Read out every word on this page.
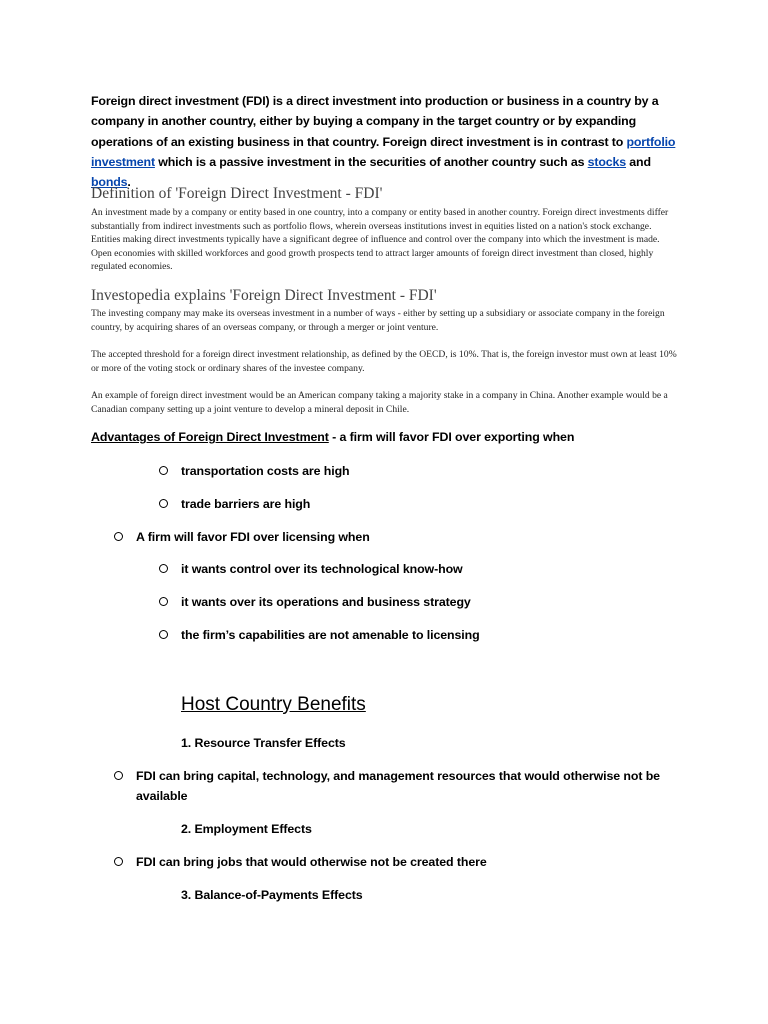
Foreign direct investment (FDI) is a direct investment into production or business in a country by a company in another country, either by buying a company in the target country or by expanding operations of an existing business in that country. Foreign direct investment is in contrast to portfolio investment which is a passive investment in the securities of another country such as stocks and bonds.

Definition of 'Foreign Direct Investment - FDI'
An investment made by a company or entity based in one country, into a company or entity based in another country. Foreign direct investments differ substantially from indirect investments such as portfolio flows, wherein overseas institutions invest in equities listed on a nation's stock exchange. Entities making direct investments typically have a significant degree of influence and control over the company into which the investment is made. Open economies with skilled workforces and good growth prospects tend to attract larger amounts of foreign direct investment than closed, highly regulated economies.
Investopedia explains 'Foreign Direct Investment - FDI'
The investing company may make its overseas investment in a number of ways - either by setting up a subsidiary or associate company in the foreign country, by acquiring shares of an overseas company, or through a merger or joint venture.
The accepted threshold for a foreign direct investment relationship, as defined by the OECD, is 10%. That is, the foreign investor must own at least 10% or more of the voting stock or ordinary shares of the investee company.
An example of foreign direct investment would be an American company taking a majority stake in a company in China. Another example would be a Canadian company setting up a joint venture to develop a mineral deposit in Chile.
Advantages of Foreign Direct Investment - a firm will favor FDI over exporting when
transportation costs are high
trade barriers are high
A firm will favor FDI over licensing when
it wants control over its technological know-how
it wants over its operations and business strategy
the firm’s capabilities are not amenable to licensing
Host Country Benefits
1. Resource Transfer Effects
FDI can bring capital, technology, and management resources that would otherwise not be available
2. Employment Effects
FDI can bring jobs that would otherwise not be created there
3. Balance-of-Payments Effects
